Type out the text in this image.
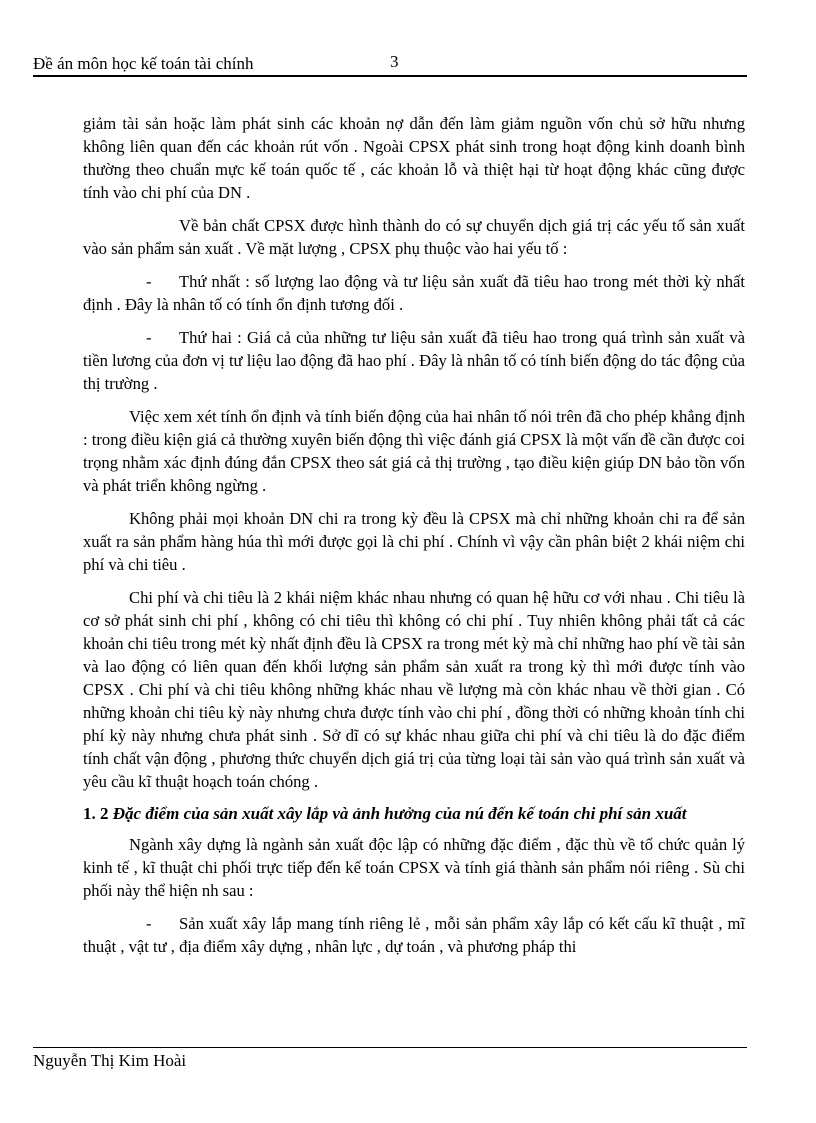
Đề án môn học kế toán tài chính	3

giảm tài sản hoặc làm phát sinh các khoản nợ dẫn đến làm giảm nguồn vốn chủ sở hữu nhưng không liên quan đến các khoản rút vốn . Ngoài CPSX phát sinh trong hoạt động kinh doanh bình thường theo chuẩn mực kế toán quốc tế , các khoản lỗ và thiệt hại từ hoạt động khác cũng được tính vào chi phí của DN .

Về bản chất CPSX được hình thành do có sự chuyển dịch giá trị các yếu tố sản xuất vào sản phẩm sản xuất . Về mặt lượng , CPSX phụ thuộc vào hai yếu tố :

- Thứ nhất : số lượng lao động và tư liệu sản xuất đã tiêu hao trong mét thời kỳ nhất định . Đây là nhân tố có tính ổn định tương đối .

- Thứ hai : Giá cả của những tư liệu sản xuất đã tiêu hao trong quá trình sản xuất và tiền lương của đơn vị tư liệu lao động đã hao phí . Đây là nhân tố có tính biến động do tác động của thị trường .

Việc xem xét tính ổn định và tính biến động của hai nhân tố nói trên đã cho phép khẳng định : trong điều kiện giá cả thường xuyên biến động thì việc đánh giá CPSX là một vấn đề cần được coi trọng nhằm xác định đúng đắn CPSX theo sát giá cả thị trường , tạo điều kiện giúp DN bảo tồn vốn và phát triển không ngừng .

Không phải mọi khoản DN chi ra trong kỳ đều là CPSX mà chỉ những khoản chi ra để sản xuất ra sản phẩm hàng húa thì mới được gọi là chi phí . Chính vì vậy cần phân biệt 2 khái niệm chi phí và chi tiêu .

Chi phí và chi tiêu là 2 khái niệm khác nhau nhưng có quan hệ hữu cơ với nhau . Chi tiêu là cơ sở phát sinh chi phí , không có chi tiêu thì không có chi phí . Tuy nhiên không phải tất cả các khoản chi tiêu trong mét kỳ nhất định đều là CPSX ra trong mét kỳ mà chỉ những hao phí về tài sản và lao động có liên quan đến khối lượng sản phẩm sản xuất ra trong kỳ thì mới được tính vào CPSX . Chi phí và chi tiêu không những khác nhau về lượng mà còn khác nhau về thời gian . Có những khoản chi tiêu kỳ này nhưng chưa được tính vào chi phí , đồng thời có những khoản tính chi phí kỳ này nhưng chưa phát sinh . Sở dĩ có sự khác nhau giữa chi phí và chi tiêu là do đặc điểm tính chất vận động , phương thức chuyển dịch giá trị của từng loại tài sản vào quá trình sản xuất và yêu cầu kĩ thuật hoạch toán chóng .

1. 2 Đặc điểm của sản xuất xây lắp và ảnh hưởng của nú đến kế toán chi phí sản xuất

Ngành xây dựng là ngành sản xuất độc lập có những đặc điểm , đặc thù về tổ chức quản lý kinh tế , kĩ thuật chi phối trực tiếp đến kế toán CPSX và tính giá thành sản phẩm nói riêng . Sù chi phối này thể hiện nh sau :

- Sản xuất xây lắp mang tính riêng lẻ , mỗi sản phẩm xây lắp có kết cấu kĩ thuật , mĩ thuật , vật tư , địa điểm xây dựng , nhân lực , dự toán , và phương pháp thi

Nguyễn Thị Kim Hoài
